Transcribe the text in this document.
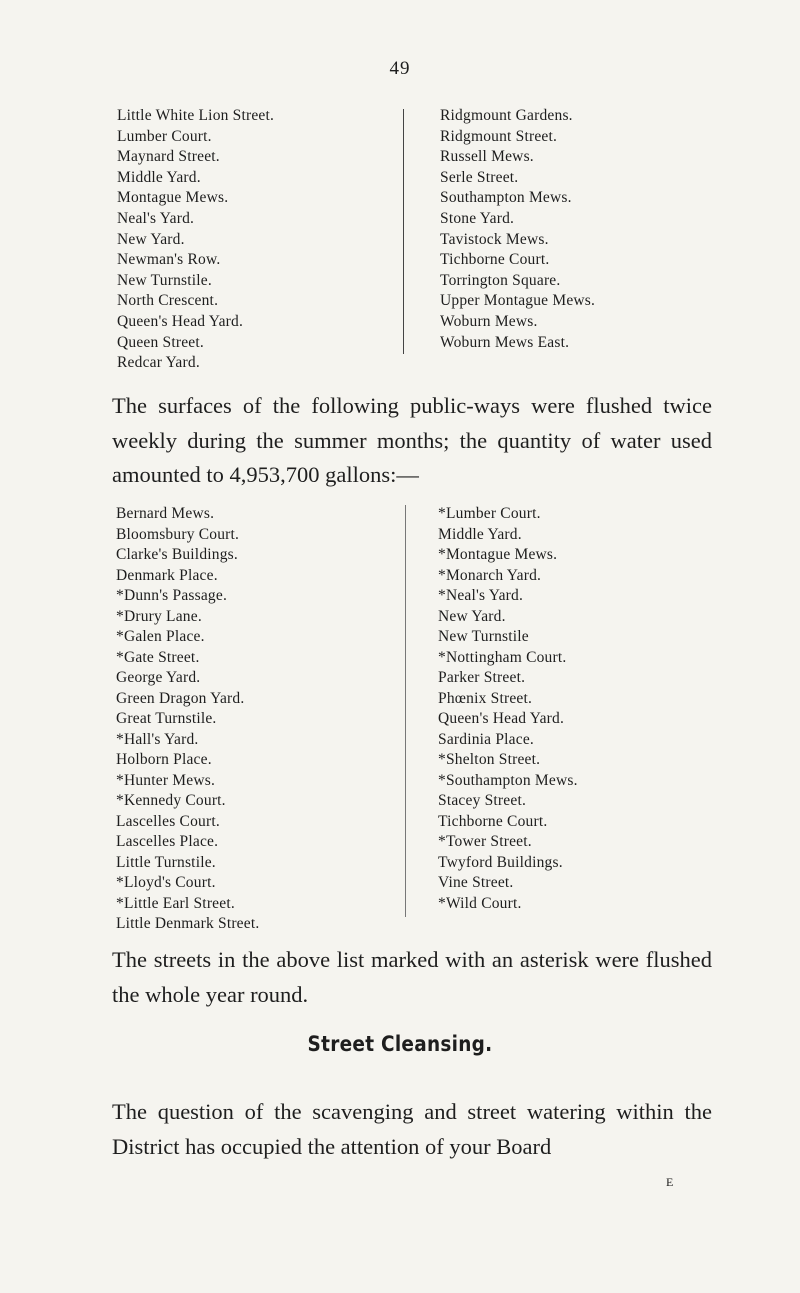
49
Little White Lion Street.
Lumber Court.
Maynard Street.
Middle Yard.
Montague Mews.
Neal's Yard.
New Yard.
Newman's Row.
New Turnstile.
North Crescent.
Queen's Head Yard.
Queen Street.
Redcar Yard.
Ridgmount Gardens.
Ridgmount Street.
Russell Mews.
Serle Street.
Southampton Mews.
Stone Yard.
Tavistock Mews.
Tichborne Court.
Torrington Square.
Upper Montague Mews.
Woburn Mews.
Woburn Mews East.
The surfaces of the following public-ways were flushed twice weekly during the summer months; the quantity of water used amounted to 4,953,700 gallons:—
Bernard Mews.
Bloomsbury Court.
Clarke's Buildings.
Denmark Place.
*Dunn's Passage.
*Drury Lane.
*Galen Place.
*Gate Street.
George Yard.
Green Dragon Yard.
Great Turnstile.
*Hall's Yard.
Holborn Place.
*Hunter Mews.
*Kennedy Court.
Lascelles Court.
Lascelles Place.
Little Turnstile.
*Lloyd's Court.
*Little Earl Street.
Little Denmark Street.
*Lumber Court.
Middle Yard.
*Montague Mews.
*Monarch Yard.
*Neal's Yard.
New Yard.
New Turnstile
*Nottingham Court.
Parker Street.
Phœnix Street.
Queen's Head Yard.
Sardinia Place.
*Shelton Street.
*Southampton Mews.
Stacey Street.
Tichborne Court.
*Tower Street.
Twyford Buildings.
Vine Street.
*Wild Court.
The streets in the above list marked with an asterisk were flushed the whole year round.
Street Cleansing.
The question of the scavenging and street watering within the District has occupied the attention of your Board
E
